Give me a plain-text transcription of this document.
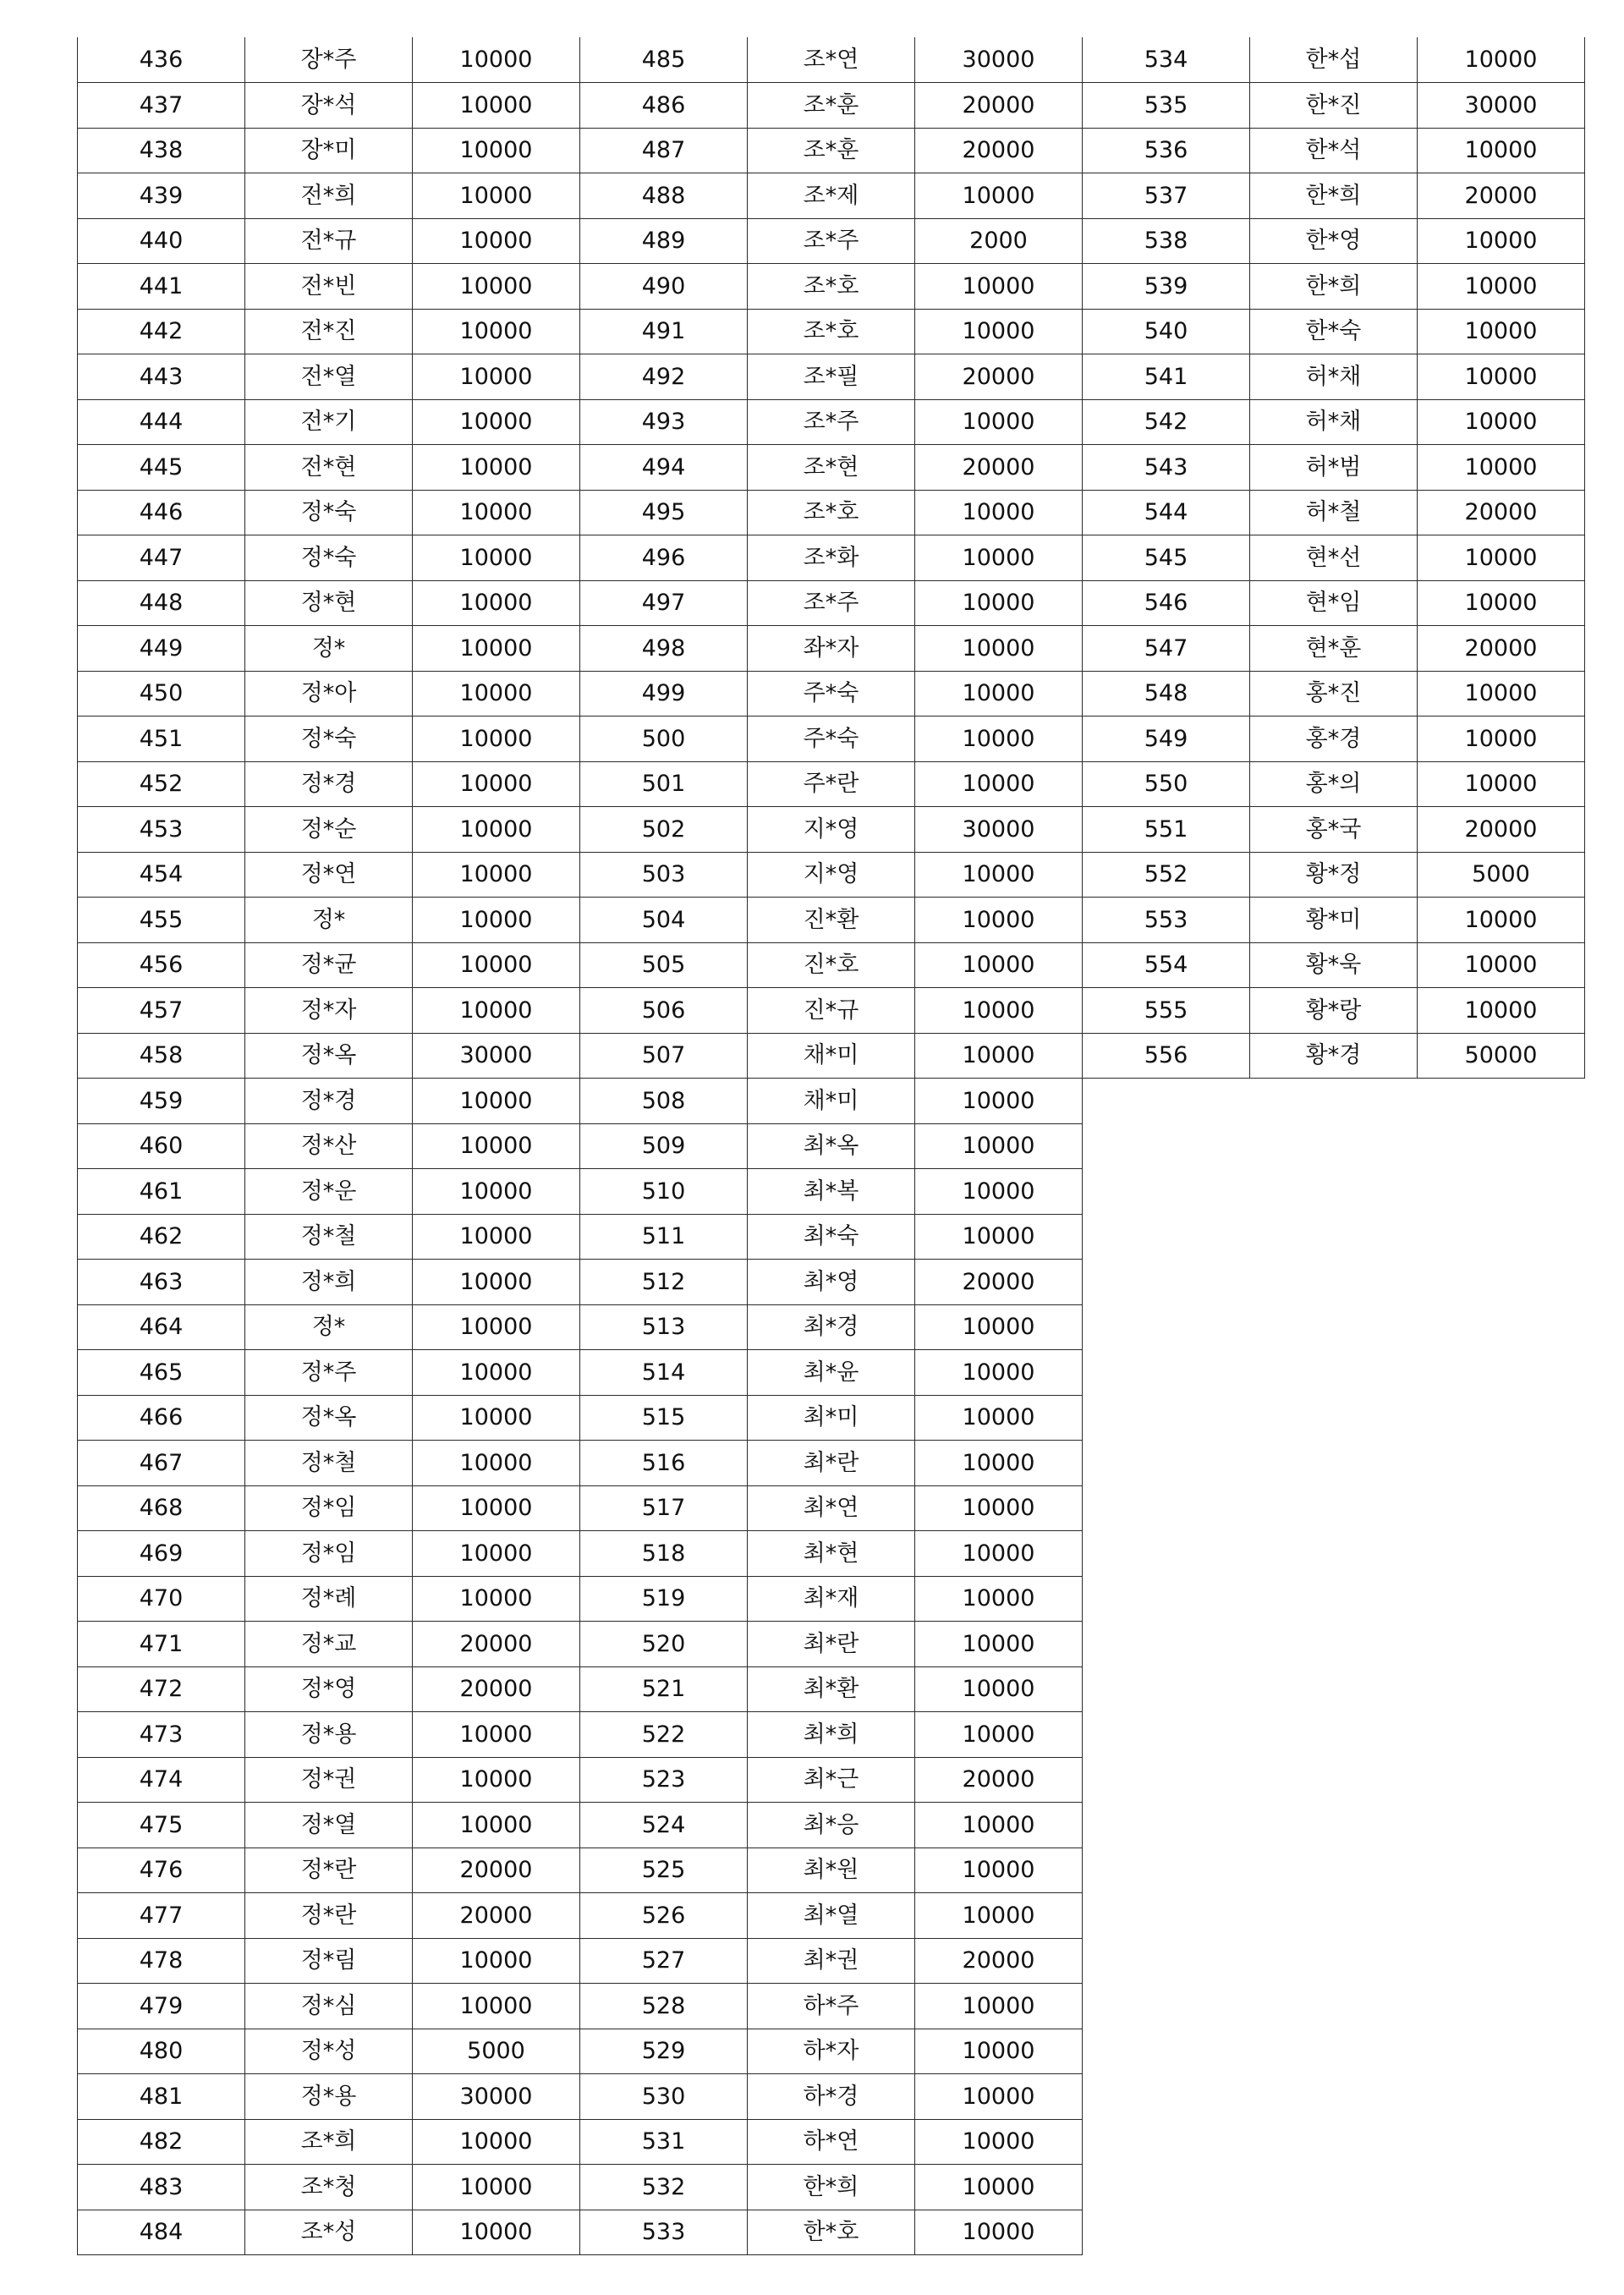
436	장*주	10000
437	장*석	10000
438	장*미	10000
439	전*희	10000
440	전*규	10000
441	전*빈	10000
442	전*진	10000
443	전*열	10000
444	전*기	10000
445	전*현	10000
446	정*숙	10000
447	정*숙	10000
448	정*현	10000
449	정*	10000
450	정*아	10000
451	정*숙	10000
452	정*경	10000
453	정*순	10000
454	정*연	10000
455	정*	10000
456	정*균	10000
457	정*자	10000
458	정*옥	30000
459	정*경	10000
460	정*산	10000
461	정*운	10000
462	정*철	10000
463	정*희	10000
464	정*	10000
465	정*주	10000
466	정*옥	10000
467	정*철	10000
468	정*임	10000
469	정*임	10000
470	정*례	10000
471	정*교	20000
472	정*영	20000
473	정*용	10000
474	정*권	10000
475	정*열	10000
476	정*란	20000
477	정*란	20000
478	정*림	10000
479	정*심	10000
480	정*성	5000
481	정*용	30000
482	조*희	10000
483	조*청	10000
484	조*성	10000
485	조*연	30000
486	조*훈	20000
487	조*훈	20000
488	조*제	10000
489	조*주	2000
490	조*호	10000
491	조*호	10000
492	조*필	20000
493	조*주	10000
494	조*현	20000
495	조*호	10000
496	조*화	10000
497	조*주	10000
498	좌*자	10000
499	주*숙	10000
500	주*숙	10000
501	주*란	10000
502	지*영	30000
503	지*영	10000
504	진*환	10000
505	진*호	10000
506	진*규	10000
507	채*미	10000
508	채*미	10000
509	최*옥	10000
510	최*복	10000
511	최*숙	10000
512	최*영	20000
513	최*경	10000
514	최*윤	10000
515	최*미	10000
516	최*란	10000
517	최*연	10000
518	최*현	10000
519	최*재	10000
520	최*란	10000
521	최*환	10000
522	최*희	10000
523	최*근	20000
524	최*응	10000
525	최*원	10000
526	최*열	10000
527	최*권	20000
528	하*주	10000
529	하*자	10000
530	하*경	10000
531	하*연	10000
532	한*희	10000
533	한*호	10000
534	한*섭	10000
535	한*진	30000
536	한*석	10000
537	한*희	20000
538	한*영	10000
539	한*희	10000
540	한*숙	10000
541	허*채	10000
542	허*채	10000
543	허*범	10000
544	허*철	20000
545	현*선	10000
546	현*임	10000
547	현*훈	20000
548	홍*진	10000
549	홍*경	10000
550	홍*의	10000
551	홍*국	20000
552	황*정	5000
553	황*미	10000
554	황*욱	10000
555	황*랑	10000
556	황*경	50000
